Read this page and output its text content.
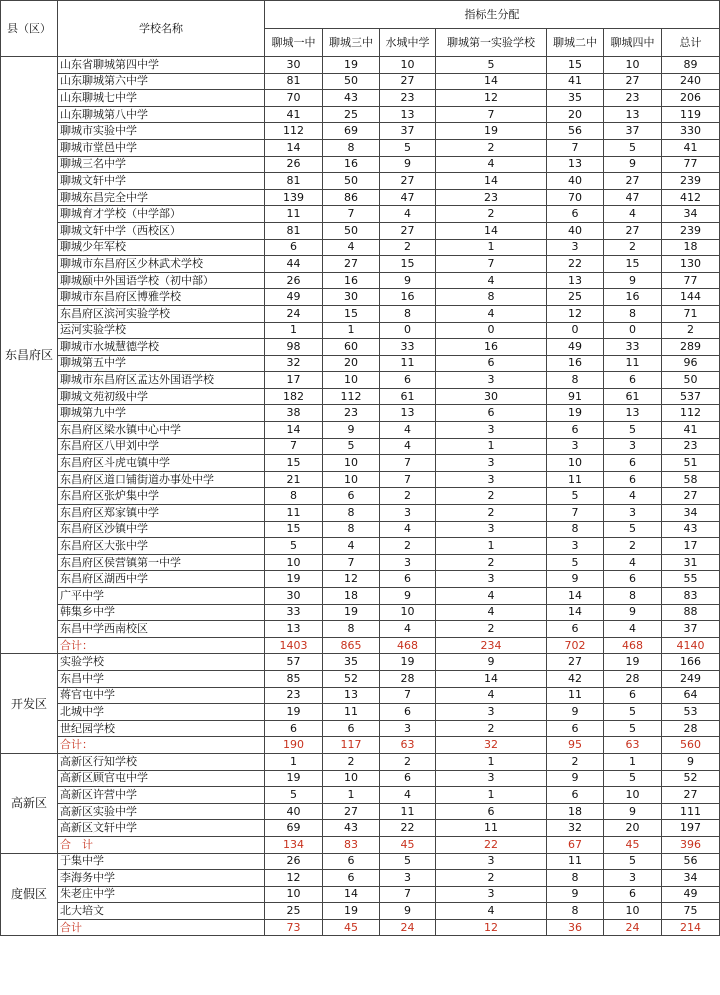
县（区）	学校名称	指标生分配						
		聊城一中	聊城三中	水城中学	聊城第一实验学校	聊城二中	聊城四中	总计
东昌府区	山东省聊城第四中学	30	19	10	5	15	10	89
	山东聊城第六中学	81	50	27	14	41	27	240
	山东聊城七中学	70	43	23	12	35	23	206
	山东聊城第八中学	41	25	13	7	20	13	119
	聊城市实验中学	112	69	37	19	56	37	330
	聊城市堂邑中学	14	8	5	2	7	5	41
	聊城三名中学	26	16	9	4	13	9	77
	聊城文轩中学	81	50	27	14	40	27	239
	聊城东昌完全中学	139	86	47	23	70	47	412
	聊城育才学校（中学部）	11	7	4	2	6	4	34
	聊城文轩中学（西校区）	81	50	27	14	40	27	239
	聊城少年军校	6	4	2	1	3	2	18
	聊城市东昌府区少林武术学校	44	27	15	7	22	15	130
	聊城颐中外国语学校（初中部）	26	16	9	4	13	9	77
	聊城市东昌府区博雅学校	49	30	16	8	25	16	144
	东昌府区滨河实验学校	24	15	8	4	12	8	71
	运河实验学校	1	1	0	0	0	0	2
	聊城市水城慧德学校	98	60	33	16	49	33	289
	聊城第五中学	32	20	11	6	16	11	96
	聊城市东昌府区孟达外国语学校	17	10	6	3	8	6	50
	聊城文苑初级中学	182	112	61	30	91	61	537
	聊城第九中学	38	23	13	6	19	13	112
	东昌府区梁水镇中心中学	14	9	4	3	6	5	41
	东昌府区八甲刘中学	7	5	4	1	3	3	23
	东昌府区斗虎屯镇中学	15	10	7	3	10	6	51
	东昌府区道口铺街道办事处中学	21	10	7	3	11	6	58
	东昌府区张炉集中学	8	6	2	2	5	4	27
	东昌府区郑家镇中学	11	8	3	2	7	3	34
	东昌府区沙镇中学	15	8	4	3	8	5	43
	东昌府区大张中学	5	4	2	1	3	2	17
	东昌府区侯营镇第一中学	10	7	3	2	5	4	31
	东昌府区湖西中学	19	12	6	3	9	6	55
	广平中学	30	18	9	4	14	8	83
	韩集乡中学	33	19	10	4	14	9	88
	东昌中学西南校区	13	8	4	2	6	4	37
	合计：	1403	865	468	234	702	468	4140
开发区	实验学校	57	35	19	9	27	19	166
	东昌中学	85	52	28	14	42	28	249
	蒋官屯中学	23	13	7	4	11	6	64
	北城中学	19	11	6	3	9	5	53
	世纪园学校	6	6	3	2	6	5	28
	合计：	190	117	63	32	95	63	560
高新区	高新区行知学校	1	2	2	1	2	1	9
	高新区顾官屯中学	19	10	6	3	9	5	52
	高新区许营中学	5	1	4	1	6	10	27
	高新区实验中学	40	27	11	6	18	9	111
	高新区文轩中学	69	43	22	11	32	20	197
	合　计	134	83	45	22	67	45	396
度假区	于集中学	26	6	5	3	11	5	56
	李海务中学	12	6	3	2	8	3	34
	朱老庄中学	10	14	7	3	9	6	49
	北大培文	25	19	9	4	8	10	75
	合计	73	45	24	12	36	24	214
